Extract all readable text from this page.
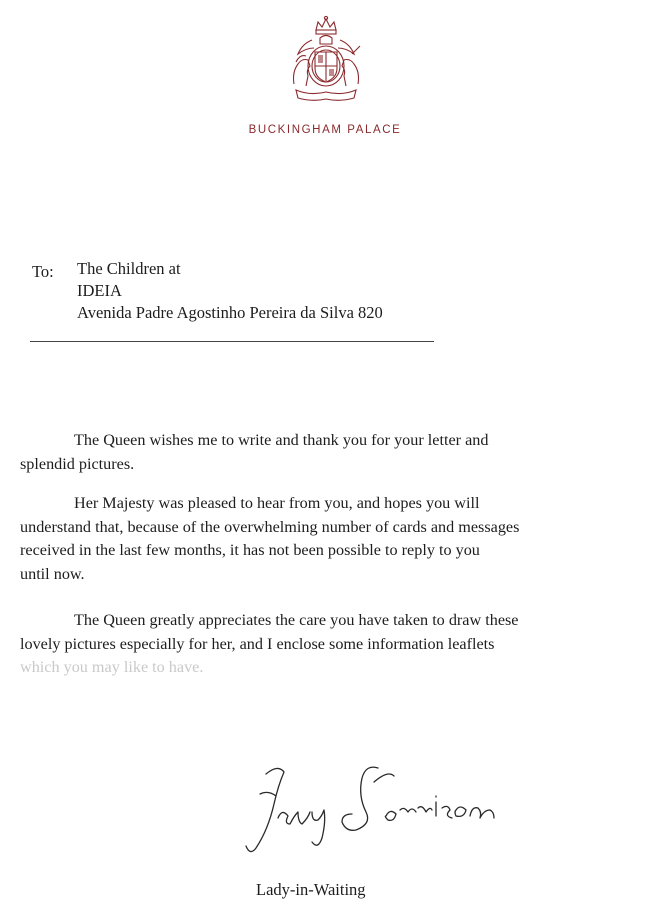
BUCKINGHAM PALACE
To: The Children at
IDEIA
Avenida Padre Agostinho Pereira da Silva 820
The Queen wishes me to write and thank you for your letter and
splendid pictures.
Her Majesty was pleased to hear from you, and hopes you will
understand that, because of the overwhelming number of cards and messages
received in the last few months, it has not been possible to reply to you
until now.
The Queen greatly appreciates the care you have taken to draw these
lovely pictures especially for her, and I enclose some information leaflets
which you may like to have.
Lady-in-Waiting
